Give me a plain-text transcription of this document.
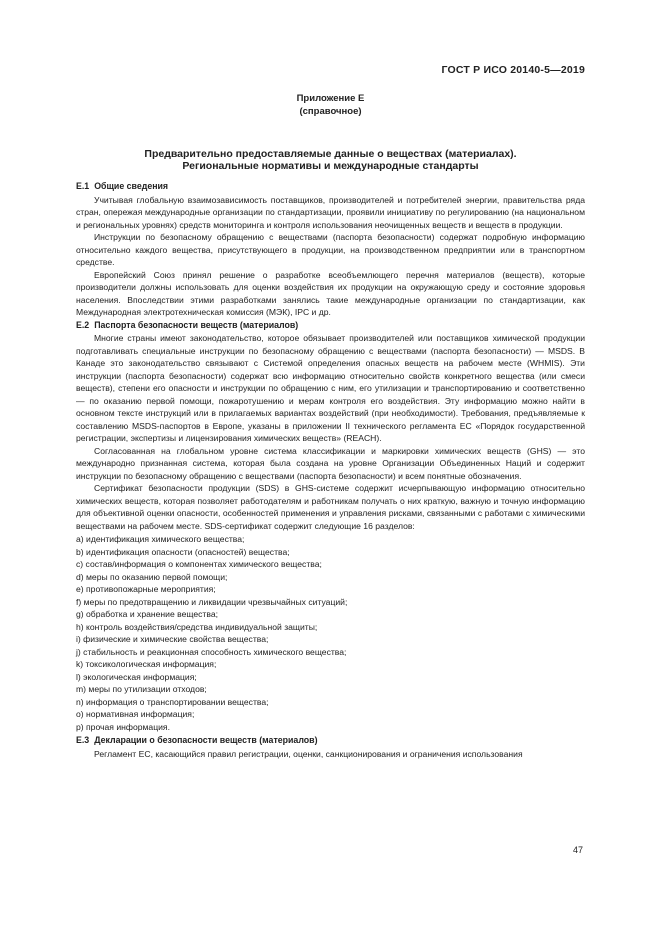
ГОСТ Р ИСО 20140-5—2019
Приложение Е
(справочное)
Предварительно предоставляемые данные о веществах (материалах).
Региональные нормативы и международные стандарты
Е.1 Общие сведения

Учитывая глобальную взаимозависимость поставщиков, производителей и потребителей энергии, правительства ряда стран, опережая международные организации по стандартизации, проявили инициативу по регулированию (на национальном и региональных уровнях) средств мониторинга и контроля использования неочищенных веществ и веществ в продукции.

Инструкции по безопасному обращению с веществами (паспорта безопасности) содержат подробную информацию относительно каждого вещества, присутствующего в продукции, на производственном предприятии или в транспортном средстве.

Европейский Союз принял решение о разработке всеобъемлющего перечня материалов (веществ), которые производители должны использовать для оценки воздействия их продукции на окружающую среду и состояние здоровья населения. Впоследствии этими разработками занялись такие международные организации по стандартизации, как Международная электротехническая комиссия (МЭК), IPC и др.

Е.2 Паспорта безопасности веществ (материалов)

Многие страны имеют законодательство, которое обязывает производителей или поставщиков химической продукции подготавливать специальные инструкции по безопасному обращению с веществами (паспорта безопасности) — MSDS. В Канаде это законодательство связывают с Системой определения опасных веществ на рабочем месте (WHMIS). Эти инструкции (паспорта безопасности) содержат всю информацию относительно свойств конкретного вещества (или смеси веществ), степени его опасности и инструкции по обращению с ним, его утилизации и транспортированию и соответственно — по оказанию первой помощи, пожаротушению и мерам контроля его воздействия. Эту информацию можно найти в основном тексте инструкций или в прилагаемых вариантах воздействий (при необходимости). Требования, предъявляемые к составлению MSDS-паспортов в Европе, указаны в приложении II технического регламента ЕС «Порядок государственной регистрации, экспертизы и лицензирования химических веществ» (REACH).

Согласованная на глобальном уровне система классификации и маркировки химических веществ (GHS) — это международно признанная система, которая была создана на уровне Организации Объединенных Наций и содержит инструкции по безопасному обращению с веществами (паспорта безопасности) и всем понятные обозначения.

Сертификат безопасности продукции (SDS) в GHS-системе содержит исчерпывающую информацию относительно химических веществ, которая позволяет работодателям и работникам получать о них краткую, важную и точную информацию для объективной оценки опасности, особенностей применения и управления рисками, связанными с работами с химическими веществами на рабочем месте. SDS-сертификат содержит следующие 16 разделов:

a) идентификация химического вещества;
b) идентификация опасности (опасностей) вещества;
c) состав/информация о компонентах химического вещества;
d) меры по оказанию первой помощи;
e) противопожарные мероприятия;
f) меры по предотвращению и ликвидации чрезвычайных ситуаций;
g) обработка и хранение вещества;
h) контроль воздействия/средства индивидуальной защиты;
i) физические и химические свойства вещества;
j) стабильность и реакционная способность химического вещества;
k) токсикологическая информация;
l) экологическая информация;
m) меры по утилизации отходов;
n) информация о транспортировании вещества;
o) нормативная информация;
p) прочая информация.
Е.3 Декларации о безопасности веществ (материалов)

Регламент ЕС, касающийся правил регистрации, оценки, санкционирования и ограничения использования

47
